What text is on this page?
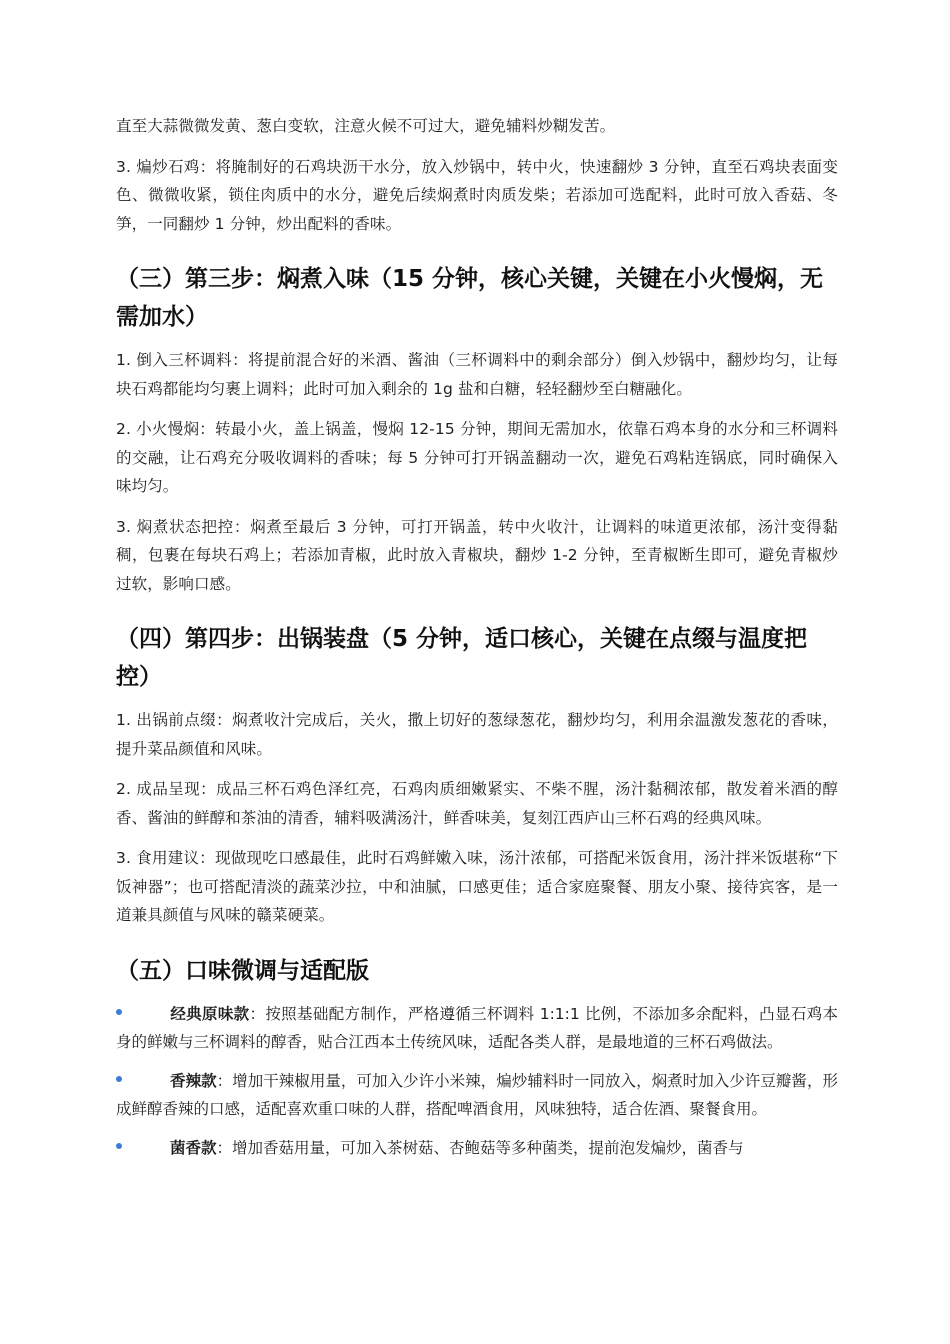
直至大蒜微微发黄、葱白变软，注意火候不可过大，避免辅料炒糊发苦。

3. 煸炒石鸡：将腌制好的石鸡块沥干水分，放入炒锅中，转中火，快速翻炒 3 分钟，直至石鸡块表面变色、微微收紧，锁住肉质中的水分，避免后续焖煮时肉质发柴；若添加可选配料，此时可放入香菇、冬笋，一同翻炒 1 分钟，炒出配料的香味。

（三）第三步：焖煮入味（15 分钟，核心关键，关键在小火慢焖，无需加水）

1. 倒入三杯调料：将提前混合好的米酒、酱油（三杯调料中的剩余部分）倒入炒锅中，翻炒均匀，让每块石鸡都能均匀裹上调料；此时可加入剩余的 1g 盐和白糖，轻轻翻炒至白糖融化。

2. 小火慢焖：转最小火，盖上锅盖，慢焖 12-15 分钟，期间无需加水，依靠石鸡本身的水分和三杯调料的交融，让石鸡充分吸收调料的香味；每 5 分钟可打开锅盖翻动一次，避免石鸡粘连锅底，同时确保入味均匀。

3. 焖煮状态把控：焖煮至最后 3 分钟，可打开锅盖，转中火收汁，让调料的味道更浓郁，汤汁变得黏稠，包裹在每块石鸡上；若添加青椒，此时放入青椒块，翻炒 1-2 分钟，至青椒断生即可，避免青椒炒过软，影响口感。

（四）第四步：出锅装盘（5 分钟，适口核心，关键在点缀与温度把控）

1. 出锅前点缀：焖煮收汁完成后，关火，撒上切好的葱绿葱花，翻炒均匀，利用余温激发葱花的香味，提升菜品颜值和风味。

2. 成品呈现：成品三杯石鸡色泽红亮，石鸡肉质细嫩紧实、不柴不腥，汤汁黏稠浓郁，散发着米酒的醇香、酱油的鲜醇和茶油的清香，辅料吸满汤汁，鲜香味美，复刻江西庐山三杯石鸡的经典风味。

3. 食用建议：现做现吃口感最佳，此时石鸡鲜嫩入味，汤汁浓郁，可搭配米饭食用，汤汁拌米饭堪称“下饭神器”；也可搭配清淡的蔬菜沙拉，中和油腻，口感更佳；适合家庭聚餐、朋友小聚、接待宾客，是一道兼具颜值与风味的赣菜硬菜。

（五）口味微调与适配版
经典原味款：按照基础配方制作，严格遵循三杯调料 1:1:1 比例，不添加多余配料，凸显石鸡本身的鲜嫩与三杯调料的醇香，贴合江西本土传统风味，适配各类人群，是最地道的三杯石鸡做法。
香辣款：增加干辣椒用量，可加入少许小米辣，煸炒辅料时一同放入，焖煮时加入少许豆瓣酱，形成鲜醇香辣的口感，适配喜欢重口味的人群，搭配啤酒食用，风味独特，适合佐酒、聚餐食用。
菌香款：增加香菇用量，可加入茶树菇、杏鲍菇等多种菌类，提前泡发煸炒，菌香与
